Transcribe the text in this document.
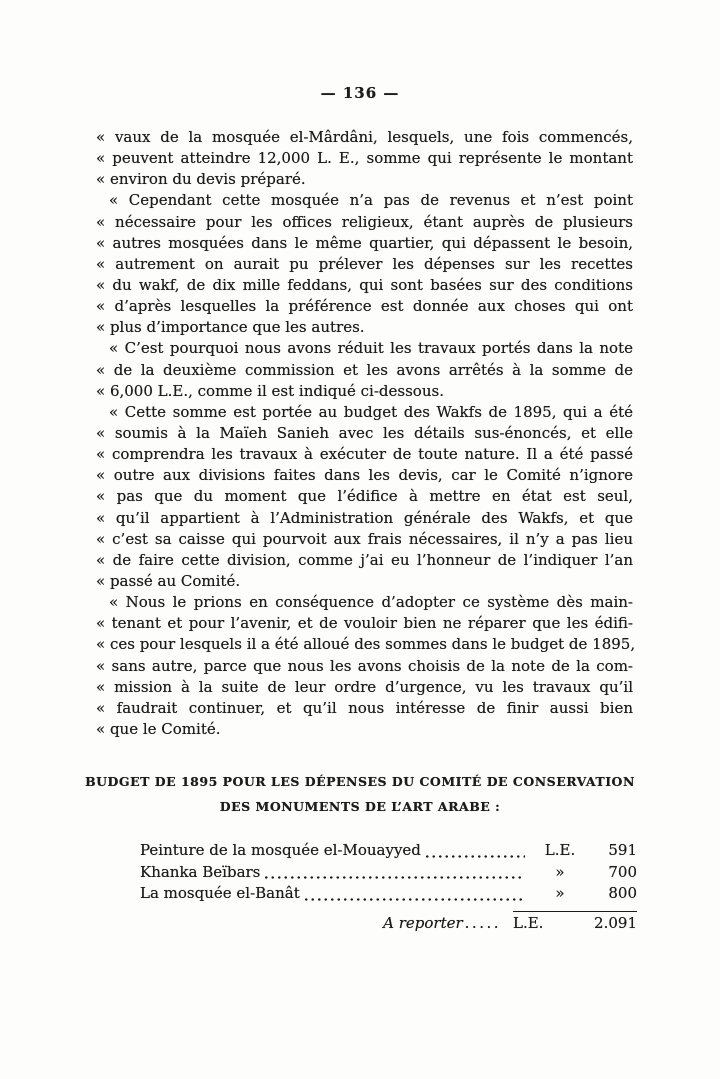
— 136 —
« vaux de la mosquée el-Mârdâni, lesquels, une fois commencés,
« peuvent atteindre 12,000 L. E., somme qui représente le montant
« environ du devis préparé.
« Cependant cette mosquée n’a pas de revenus et n’est point
« nécessaire pour les offices religieux, étant auprès de plusieurs
« autres mosquées dans le même quartier, qui dépassent le besoin,
« autrement on aurait pu prélever les dépenses sur les recettes
« du wakf, de dix mille feddans, qui sont basées sur des conditions
« d’après lesquelles la préférence est donnée aux choses qui ont
« plus d’importance que les autres.
« C’est pourquoi nous avons réduit les travaux portés dans la note
« de la deuxième commission et les avons arrêtés à la somme de
« 6,000 L.E., comme il est indiqué ci-dessous.
« Cette somme est portée au budget des Wakfs de 1895, qui a été
« soumis à la Maïeh Sanieh avec les détails sus-énoncés, et elle
« comprendra les travaux à exécuter de toute nature. Il a été passé
« outre aux divisions faites dans les devis, car le Comité n’ignore
« pas que du moment que l’édifice à mettre en état est seul,
« qu’il appartient à l’Administration générale des Wakfs, et que
« c’est sa caisse qui pourvoit aux frais nécessaires, il n’y a pas lieu
« de faire cette division, comme j’ai eu l’honneur de l’indiquer l’an
« passé au Comité.
« Nous le prions en conséquence d’adopter ce système dès main-
« tenant et pour l’avenir, et de vouloir bien ne réparer que les édifi-
« ces pour lesquels il a été alloué des sommes dans le budget de 1895,
« sans autre, parce que nous les avons choisis de la note de la com-
« mission à la suite de leur ordre d’urgence, vu les travaux qu’il
« faudrait continuer, et qu’il nous intéresse de finir aussi bien
« que le Comité.
BUDGET DE 1895 POUR LES DÉPENSES DU COMITÉ DE CONSERVATION
DES MONUMENTS DE L’ART ARABE :
Peinture de la mosquée el-Mouayyed	L.E.	591
Khanka Beïbars	»	700
La mosquée el-Banât	»	800
A reporter ..... L.E.	2.091
